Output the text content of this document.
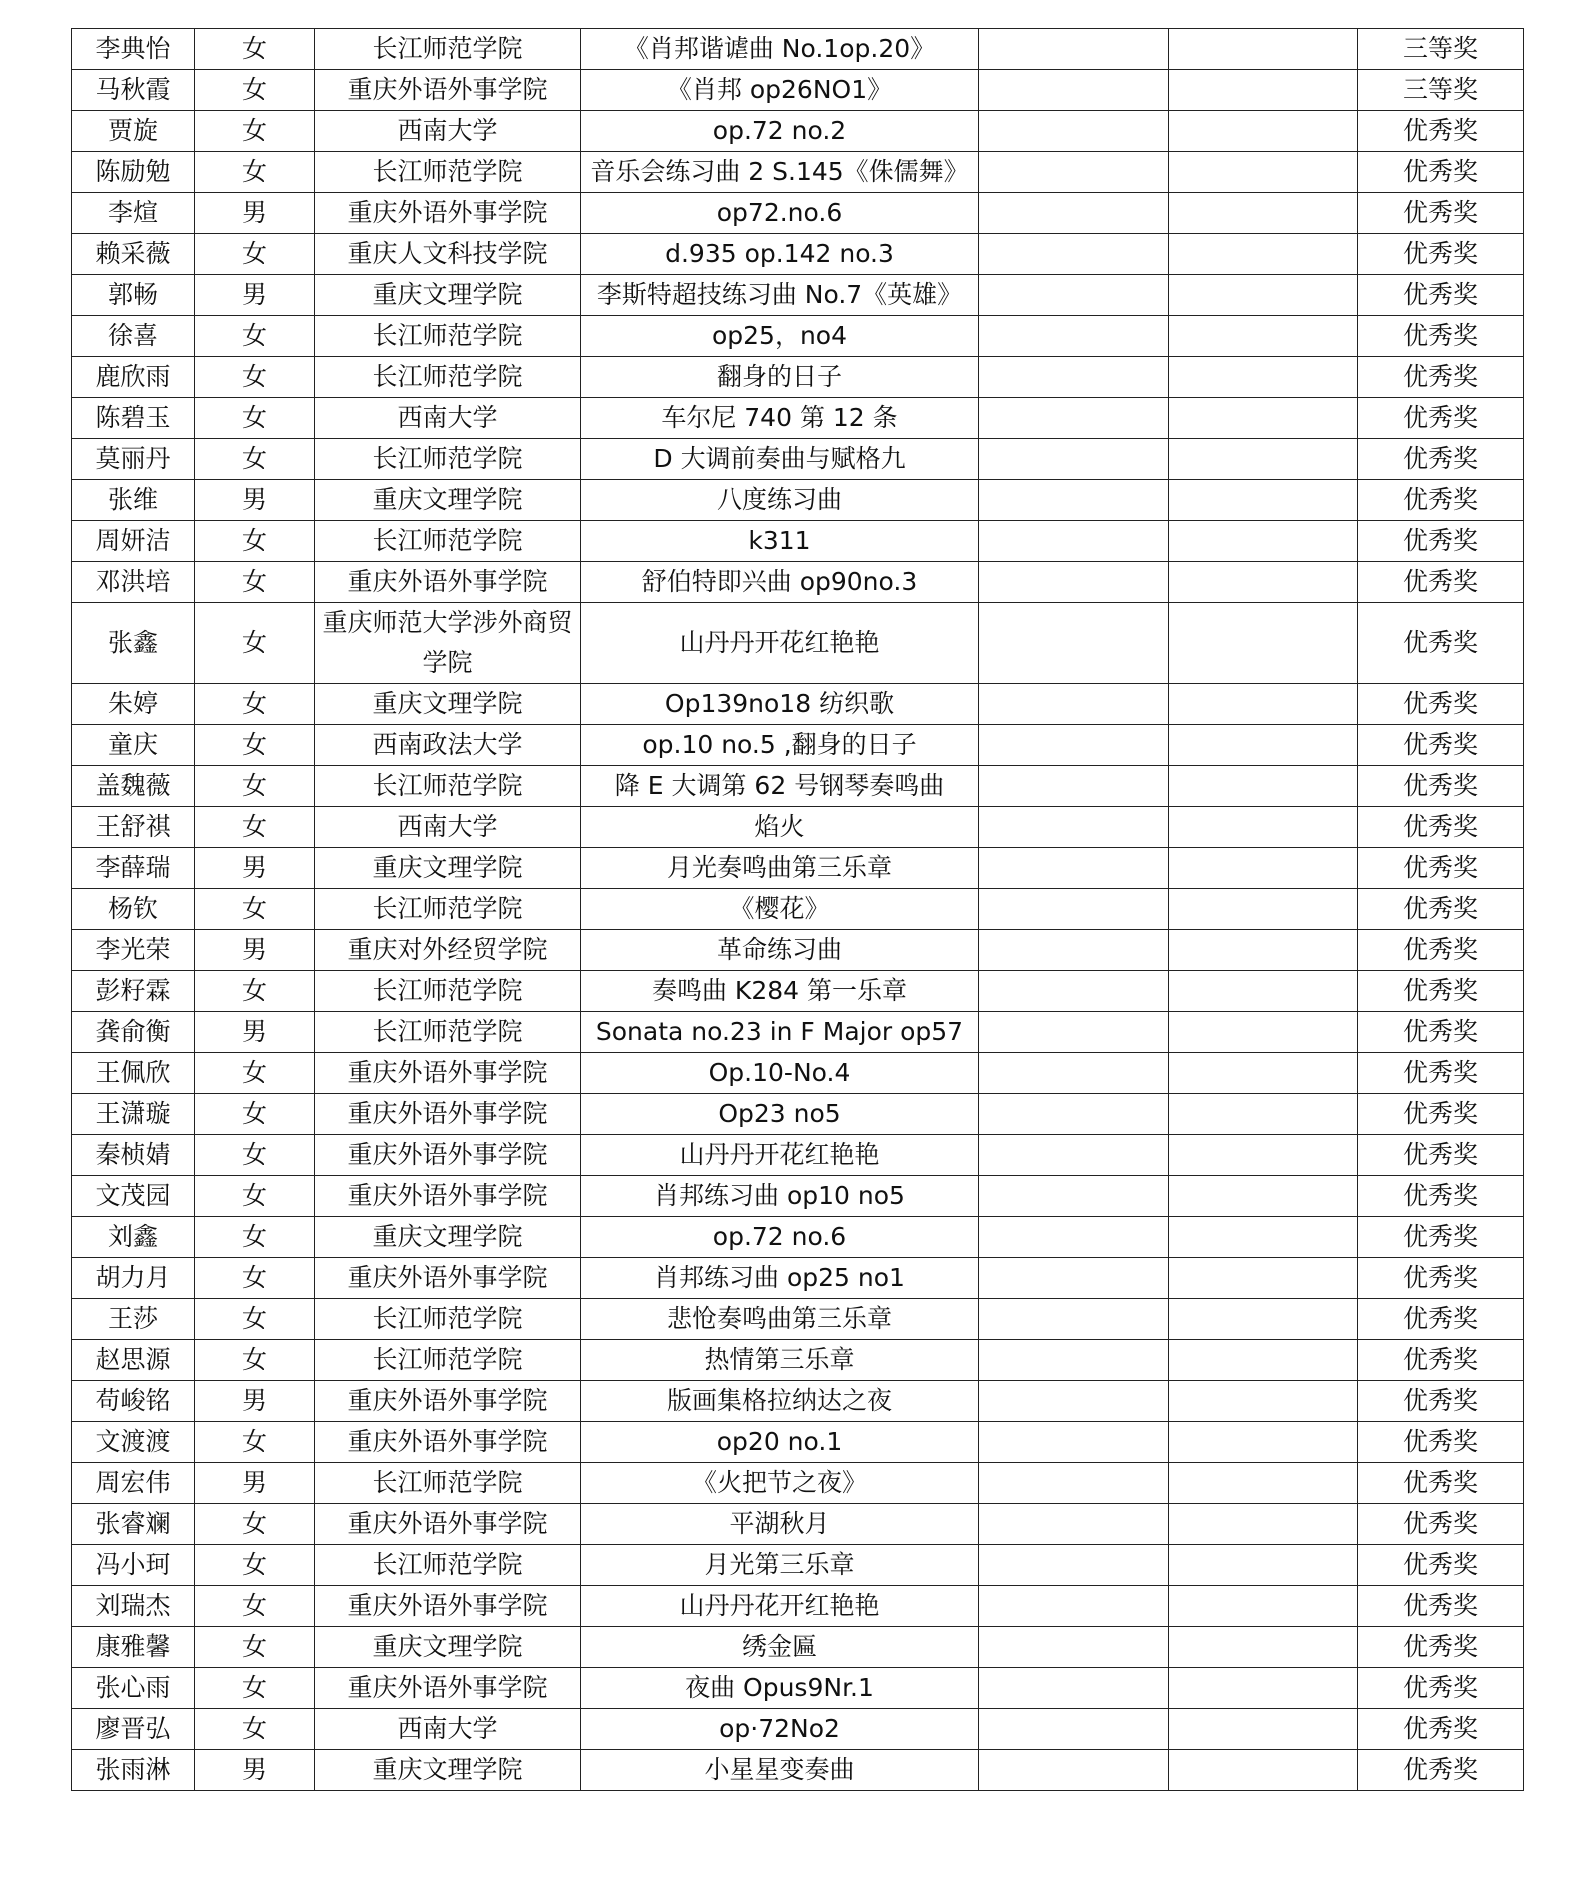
李典怡	女	长江师范学院	《肖邦谐谑曲 No.1op.20》			三等奖
马秋霞	女	重庆外语外事学院	《肖邦 op26NO1》			三等奖
贾旋	女	西南大学	op.72 no.2			优秀奖
陈励勉	女	长江师范学院	音乐会练习曲 2 S.145《侏儒舞》			优秀奖
李煊	男	重庆外语外事学院	op72.no.6			优秀奖
赖采薇	女	重庆人文科技学院	d.935 op.142 no.3			优秀奖
郭畅	男	重庆文理学院	李斯特超技练习曲 No.7《英雄》			优秀奖
徐喜	女	长江师范学院	op25，no4			优秀奖
鹿欣雨	女	长江师范学院	翻身的日子			优秀奖
陈碧玉	女	西南大学	车尔尼 740 第 12 条			优秀奖
莫丽丹	女	长江师范学院	D 大调前奏曲与赋格九			优秀奖
张维	男	重庆文理学院	八度练习曲			优秀奖
周妍洁	女	长江师范学院	k311			优秀奖
邓洪培	女	重庆外语外事学院	舒伯特即兴曲 op90no.3			优秀奖
张鑫	女	重庆师范大学涉外商贸学院	山丹丹开花红艳艳			优秀奖
朱婷	女	重庆文理学院	Op139no18 纺织歌			优秀奖
童庆	女	西南政法大学	op.10 no.5 ,翻身的日子			优秀奖
盖魏薇	女	长江师范学院	降 E 大调第 62 号钢琴奏鸣曲			优秀奖
王舒祺	女	西南大学	焰火			优秀奖
李薛瑞	男	重庆文理学院	月光奏鸣曲第三乐章			优秀奖
杨钦	女	长江师范学院	《樱花》			优秀奖
李光荣	男	重庆对外经贸学院	革命练习曲			优秀奖
彭籽霖	女	长江师范学院	奏鸣曲 K284 第一乐章			优秀奖
龚俞衡	男	长江师范学院	Sonata no.23 in F Major op57			优秀奖
王佩欣	女	重庆外语外事学院	Op.10-No.4			优秀奖
王潇璇	女	重庆外语外事学院	Op23 no5			优秀奖
秦桢婧	女	重庆外语外事学院	山丹丹开花红艳艳			优秀奖
文茂园	女	重庆外语外事学院	肖邦练习曲 op10 no5			优秀奖
刘鑫	女	重庆文理学院	op.72 no.6			优秀奖
胡力月	女	重庆外语外事学院	肖邦练习曲 op25 no1			优秀奖
王莎	女	长江师范学院	悲怆奏鸣曲第三乐章			优秀奖
赵思源	女	长江师范学院	热情第三乐章			优秀奖
苟峻铭	男	重庆外语外事学院	版画集格拉纳达之夜			优秀奖
文渡渡	女	重庆外语外事学院	op20 no.1			优秀奖
周宏伟	男	长江师范学院	《火把节之夜》			优秀奖
张睿斓	女	重庆外语外事学院	平湖秋月			优秀奖
冯小珂	女	长江师范学院	月光第三乐章			优秀奖
刘瑞杰	女	重庆外语外事学院	山丹丹花开红艳艳			优秀奖
康雅馨	女	重庆文理学院	绣金匾			优秀奖
张心雨	女	重庆外语外事学院	夜曲 Opus9Nr.1			优秀奖
廖晋弘	女	西南大学	op·72No2			优秀奖
张雨淋	男	重庆文理学院	小星星变奏曲			优秀奖
